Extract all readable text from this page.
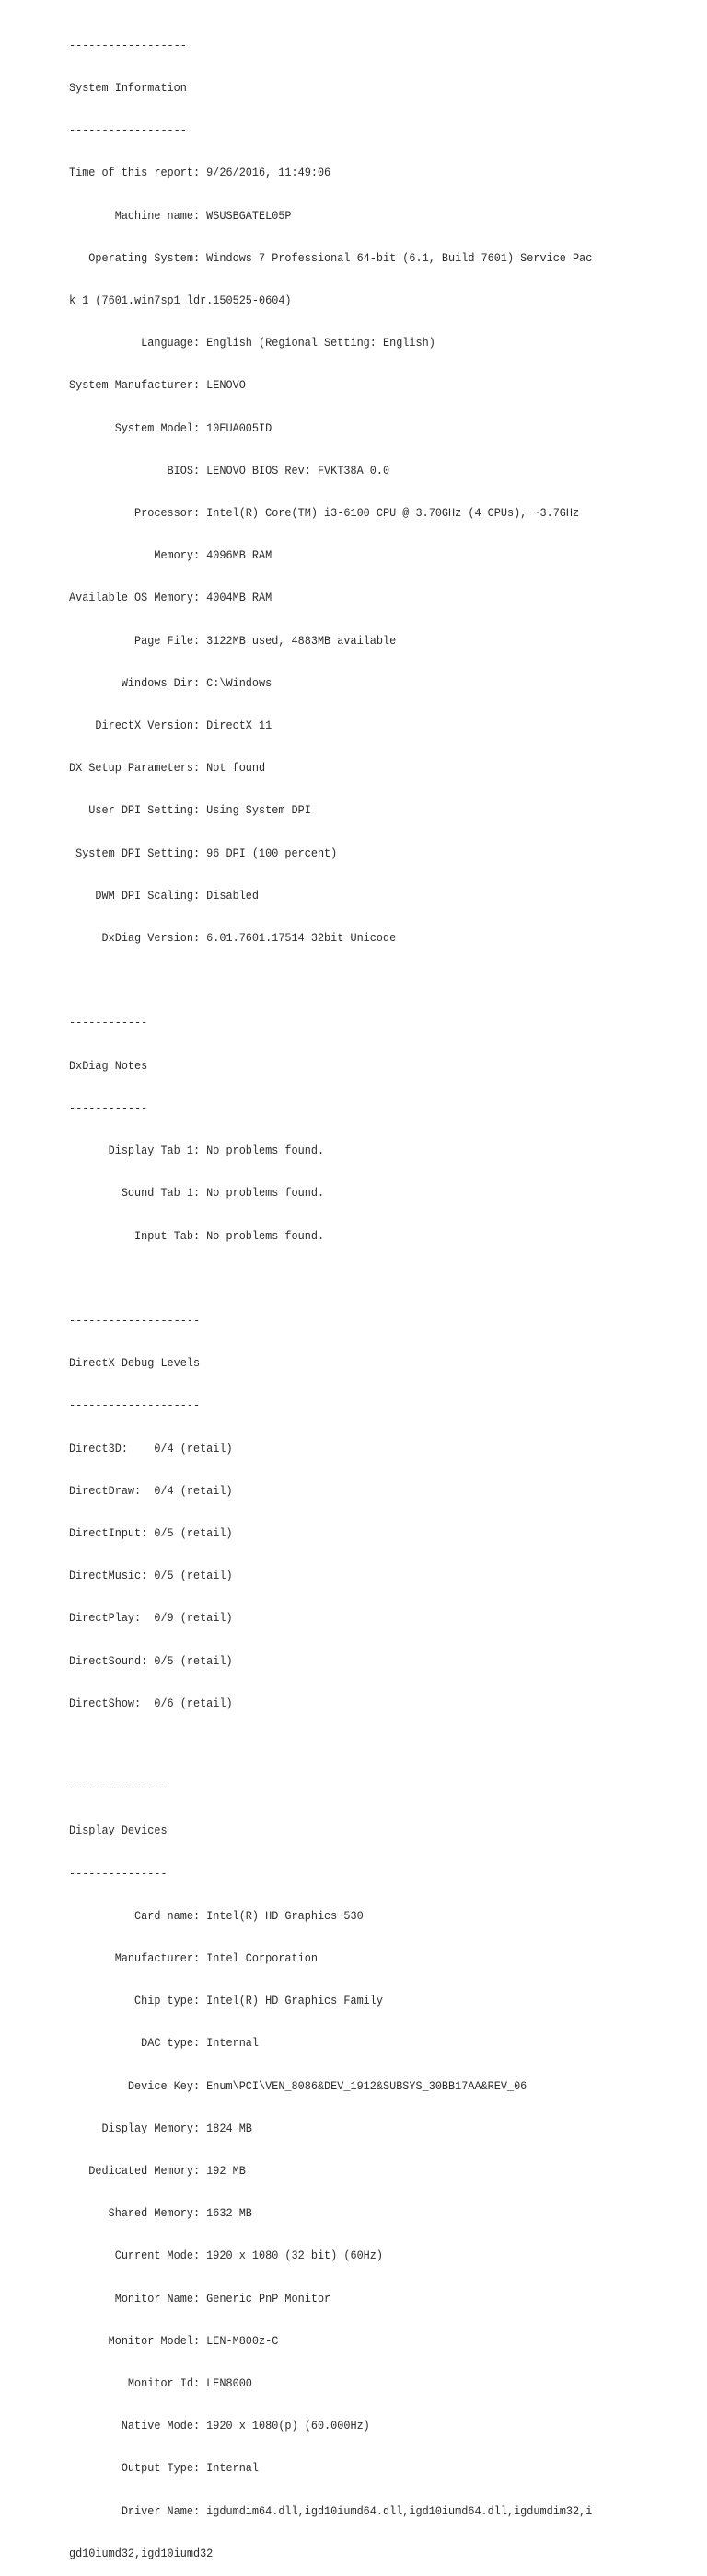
------------------

System Information

------------------

Time of this report: 9/26/2016, 11:49:06

Machine name: WSUSBGATEL05P

Operating System: Windows 7 Professional 64-bit (6.1, Build 7601) Service Pac

k 1 (7601.win7sp1_ldr.150525-0604)

Language: English (Regional Setting: English)

System Manufacturer: LENOVO

System Model: 10EUA005ID

BIOS: LENOVO BIOS Rev: FVKT38A 0.0

Processor: Intel(R) Core(TM) i3-6100 CPU @ 3.70GHz (4 CPUs), ~3.7GHz

Memory: 4096MB RAM

Available OS Memory: 4004MB RAM

Page File: 3122MB used, 4883MB available

Windows Dir: C:\Windows

DirectX Version: DirectX 11

DX Setup Parameters: Not found

User DPI Setting: Using System DPI

System DPI Setting: 96 DPI (100 percent)

DWM DPI Scaling: Disabled

DxDiag Version: 6.01.7601.17514 32bit Unicode

------------

DxDiag Notes

------------

Display Tab 1: No problems found.

Sound Tab 1: No problems found.

Input Tab: No problems found.

--------------------

DirectX Debug Levels

--------------------

Direct3D:    0/4 (retail)

DirectDraw:  0/4 (retail)

DirectInput: 0/5 (retail)

DirectMusic: 0/5 (retail)

DirectPlay:  0/9 (retail)

DirectSound: 0/5 (retail)

DirectShow:  0/6 (retail)

---------------

Display Devices

---------------

Card name: Intel(R) HD Graphics 530

Manufacturer: Intel Corporation

Chip type: Intel(R) HD Graphics Family

DAC type: Internal

Device Key: Enum\PCI\VEN_8086&DEV_1912&SUBSYS_30BB17AA&REV_06

Display Memory: 1824 MB

Dedicated Memory: 192 MB

Shared Memory: 1632 MB

Current Mode: 1920 x 1080 (32 bit) (60Hz)

Monitor Name: Generic PnP Monitor

Monitor Model: LEN-M800z-C

Monitor Id: LEN8000

Native Mode: 1920 x 1080(p) (60.000Hz)

Output Type: Internal

Driver Name: igdumdim64.dll,igd10iumd64.dll,igd10iumd64.dll,igdumdim32,i

gd10iumd32,igd10iumd32
